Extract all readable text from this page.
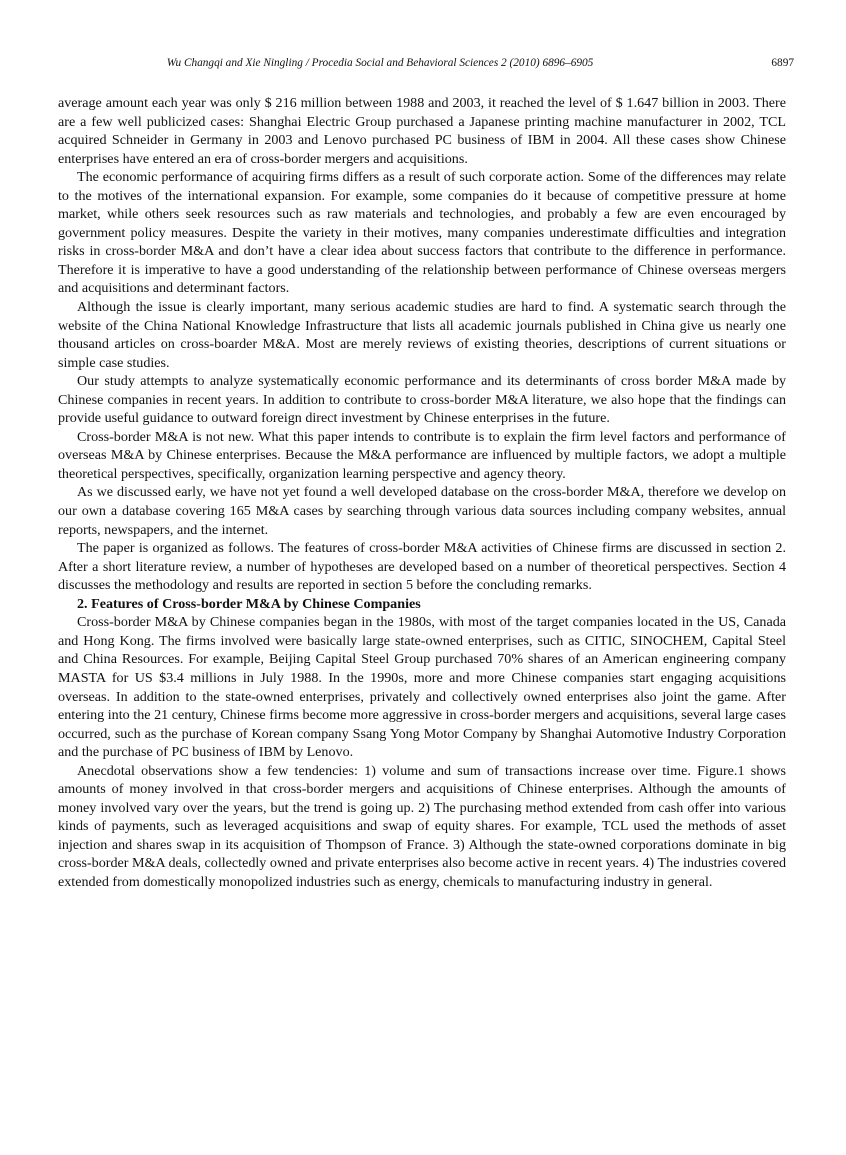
Wu Changqi and Xie Ningling / Procedia Social and Behavioral Sciences 2 (2010) 6896–6905	6897

average amount each year was only $ 216 million between 1988 and 2003, it reached the level of $ 1.647 billion in 2003. There are a few well publicized cases: Shanghai Electric Group purchased a Japanese printing machine manufacturer in 2002, TCL acquired Schneider in Germany in 2003 and Lenovo purchased PC business of IBM in 2004. All these cases show Chinese enterprises have entered an era of cross-border mergers and acquisitions.

The economic performance of acquiring firms differs as a result of such corporate action. Some of the differences may relate to the motives of the international expansion. For example, some companies do it because of competitive pressure at home market, while others seek resources such as raw materials and technologies, and probably a few are even encouraged by government policy measures. Despite the variety in their motives, many companies underestimate difficulties and integration risks in cross-border M&A and don’t have a clear idea about success factors that contribute to the difference in performance. Therefore it is imperative to have a good understanding of the relationship between performance of Chinese overseas mergers and acquisitions and determinant factors.

Although the issue is clearly important, many serious academic studies are hard to find. A systematic search through the website of the China National Knowledge Infrastructure that lists all academic journals published in China give us nearly one thousand articles on cross-boarder M&A. Most are merely reviews of existing theories, descriptions of current situations or simple case studies.

Our study attempts to analyze systematically economic performance and its determinants of cross border M&A made by Chinese companies in recent years. In addition to contribute to cross-border M&A literature, we also hope that the findings can provide useful guidance to outward foreign direct investment by Chinese enterprises in the future.

Cross-border M&A is not new. What this paper intends to contribute is to explain the firm level factors and performance of overseas M&A by Chinese enterprises. Because the M&A performance are influenced by multiple factors, we adopt a multiple theoretical perspectives, specifically, organization learning perspective and agency theory.

As we discussed early, we have not yet found a well developed database on the cross-border M&A, therefore we develop on our own a database covering 165 M&A cases by searching through various data sources including company websites, annual reports, newspapers, and the internet.

The paper is organized as follows. The features of cross-border M&A activities of Chinese firms are discussed in section 2. After a short literature review, a number of hypotheses are developed based on a number of theoretical perspectives. Section 4 discusses the methodology and results are reported in section 5 before the concluding remarks.

2. Features of Cross-border M&A by Chinese Companies

Cross-border M&A by Chinese companies began in the 1980s, with most of the target companies located in the US, Canada and Hong Kong. The firms involved were basically large state-owned enterprises, such as CITIC, SINOCHEM, Capital Steel and China Resources. For example, Beijing Capital Steel Group purchased 70% shares of an American engineering company MASTA for US $3.4 millions in July 1988. In the 1990s, more and more Chinese companies start engaging acquisitions overseas. In addition to the state-owned enterprises, privately and collectively owned enterprises also joint the game. After entering into the 21 century, Chinese firms become more aggressive in cross-border mergers and acquisitions, several large cases occurred, such as the purchase of Korean company Ssang Yong Motor Company by Shanghai Automotive Industry Corporation and the purchase of PC business of IBM by Lenovo.

Anecdotal observations show a few tendencies: 1) volume and sum of transactions increase over time. Figure.1 shows amounts of money involved in that cross-border mergers and acquisitions of Chinese enterprises. Although the amounts of money involved vary over the years, but the trend is going up. 2) The purchasing method extended from cash offer into various kinds of payments, such as leveraged acquisitions and swap of equity shares. For example, TCL used the methods of asset injection and shares swap in its acquisition of Thompson of France. 3) Although the state-owned corporations dominate in big cross-border M&A deals, collectedly owned and private enterprises also become active in recent years. 4) The industries covered extended from domestically monopolized industries such as energy, chemicals to manufacturing industry in general.
